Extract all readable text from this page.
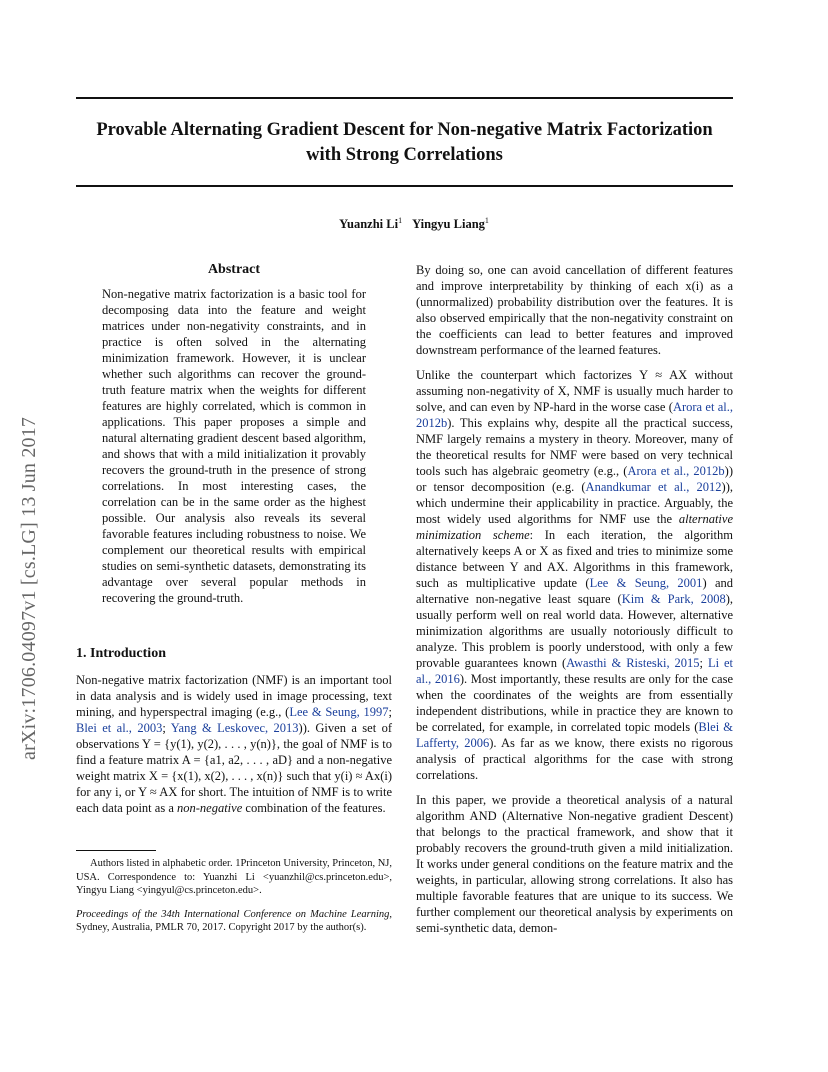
Provable Alternating Gradient Descent for Non-negative Matrix Factorization
with Strong Correlations
Yuanzhi Li$^1$ Yingyu Liang$^1$
arXiv:1706.04097v1 [cs.LG] 13 Jun 2017
Abstract
Non-negative matrix factorization is a basic tool for decomposing data into the feature and weight matrices under non-negativity constraints, and in practice is often solved in the alternating minimization framework. However, it is unclear whether such algorithms can recover the ground-truth feature matrix when the weights for different features are highly correlated, which is common in applications. This paper proposes a simple and natural alternating gradient descent based algorithm, and shows that with a mild initialization it provably recovers the ground-truth in the presence of strong correlations. In most interesting cases, the correlation can be in the same order as the highest possible. Our analysis also reveals its several favorable features including robustness to noise. We complement our theoretical results with empirical studies on semi-synthetic datasets, demonstrating its advantage over several popular methods in recovering the ground-truth.
1. Introduction

Non-negative matrix factorization (NMF) is an important tool in data analysis and is widely used in image processing, text mining, and hyperspectral imaging (e.g., (Lee & Seung, 1997; Blei et al., 2003; Yang & Leskovec, 2013)). Given a set of observations Y = {y(1), y(2), . . . , y(n)}, the goal of NMF is to find a feature matrix A = {a1, a2, . . . , aD} and a non-negative weight matrix X = {x(1), x(2), . . . , x(n)} such that y(i) ≈ Ax(i) for any i, or Y ≈ AX for short. The intuition of NMF is to write each data point as a non-negative combination of the features.

Authors listed in alphabetic order. 1Princeton University, Princeton, NJ, USA. Correspondence to: Yuanzhi Li <yuanzhil@cs.princeton.edu>, Yingyu Liang <yingyul@cs.princeton.edu>.
Proceedings of the 34th International Conference on Machine Learning, Sydney, Australia, PMLR 70, 2017. Copyright 2017 by the author(s).

By doing so, one can avoid cancellation of different features and improve interpretability by thinking of each x(i) as a (unnormalized) probability distribution over the features. It is also observed empirically that the non-negativity constraint on the coefficients can lead to better features and improved downstream performance of the learned features.

Unlike the counterpart which factorizes Y ≈ AX without assuming non-negativity of X, NMF is usually much harder to solve, and can even by NP-hard in the worse case (Arora et al., 2012b). This explains why, despite all the practical success, NMF largely remains a mystery in theory. Moreover, many of the theoretical results for NMF were based on very technical tools such has algebraic geometry (e.g., (Arora et al., 2012b)) or tensor decomposition (e.g. (Anandkumar et al., 2012)), which undermine their applicability in practice. Arguably, the most widely used algorithms for NMF use the alternative minimization scheme: In each iteration, the algorithm alternatively keeps A or X as fixed and tries to minimize some distance between Y and AX. Algorithms in this framework, such as multiplicative update (Lee & Seung, 2001) and alternative non-negative least square (Kim & Park, 2008), usually perform well on real world data. However, alternative minimization algorithms are usually notoriously difficult to analyze. This problem is poorly understood, with only a few provable guarantees known (Awasthi & Risteski, 2015; Li et al., 2016). Most importantly, these results are only for the case when the coordinates of the weights are from essentially independent distributions, while in practice they are known to be correlated, for example, in correlated topic models (Blei & Lafferty, 2006). As far as we know, there exists no rigorous analysis of practical algorithms for the case with strong correlations.

In this paper, we provide a theoretical analysis of a natural algorithm AND (Alternative Non-negative gradient Descent) that belongs to the practical framework, and show that it probably recovers the ground-truth given a mild initialization. It works under general conditions on the feature matrix and the weights, in particular, allowing strong correlations. It also has multiple favorable features that are unique to its success. We further complement our theoretical analysis by experiments on semi-synthetic data, demon-
